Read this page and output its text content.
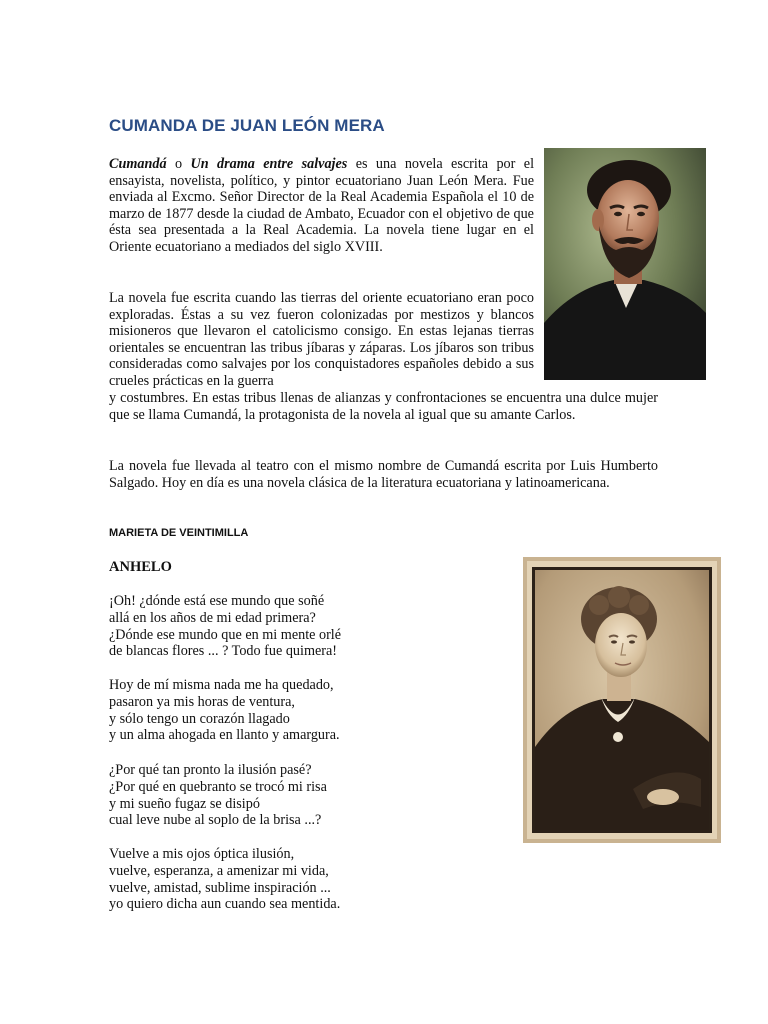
CUMANDA DE JUAN LEÓN MERA

Cumandá o Un drama entre salvajes es una novela escrita por el ensayista, novelista, político, y pintor ecuatoriano Juan León Mera. Fue enviada al Excmo. Señor Director de la Real Academia Española el 10 de marzo de 1877 desde la ciudad de Ambato, Ecuador con el objetivo de que ésta sea presentada a la Real Academia. La novela tiene lugar en el Oriente ecuatoriano a mediados del siglo XVIII.

La novela fue escrita cuando las tierras del oriente ecuatoriano eran poco exploradas. Éstas a su vez fueron colonizadas por mestizos y blancos misioneros que llevaron el catolicismo consigo. En estas lejanas tierras orientales se encuentran las tribus jíbaras y záparas. Los jíbaros son tribus consideradas como salvajes por los conquistadores españoles debido a sus crueles prácticas en la guerra

y costumbres. En estas tribus llenas de alianzas y confrontaciones se encuentra una dulce mujer que se llama Cumandá, la protagonista de la novela al igual que su amante Carlos.

La novela fue llevada al teatro con el mismo nombre de Cumandá escrita por Luis Humberto Salgado. Hoy en día es una novela clásica de la literatura ecuatoriana y latinoamericana.

MARIETA DE VEINTIMILLA
ANHELO
¡Oh! ¿dónde está ese mundo que soñé
allá en los años de mi edad primera?
¿Dónde ese mundo que en mi mente orlé
de blancas flores ... ? Todo fue quimera!
Hoy de mí misma nada me ha quedado,
pasaron ya mis horas de ventura,
y sólo tengo un corazón llagado
y un alma ahogada en llanto y amargura.
¿Por qué tan pronto la ilusión pasé?
¿Por qué en quebranto se trocó mi risa
y mi sueño fugaz se disipó
cual leve nube al soplo de la brisa ...?
Vuelve a mis ojos óptica ilusión,
vuelve, esperanza, a amenizar mi vida,
vuelve, amistad, sublime inspiración ...
yo quiero dicha aun cuando sea mentida.
